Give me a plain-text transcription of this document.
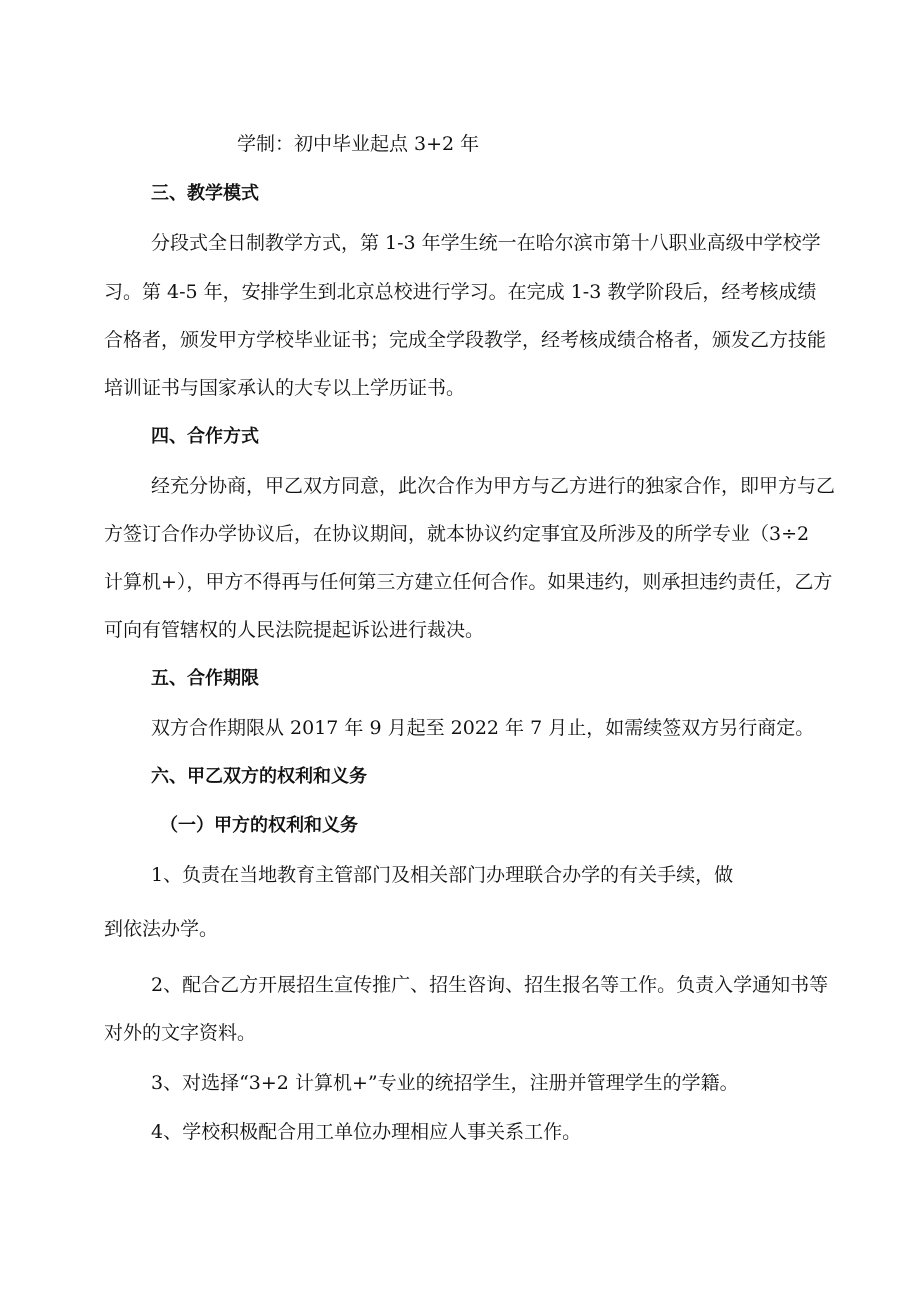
学制：初中毕业起点 3+2 年
三、教学模式
分段式全日制教学方式，第 1-3 年学生统一在哈尔滨市第十八职业高级中学校学
习。第 4-5 年，安排学生到北京总校进行学习。在完成 1-3 教学阶段后，经考核成绩
合格者，颁发甲方学校毕业证书；完成全学段教学，经考核成绩合格者，颁发乙方技能
培训证书与国家承认的大专以上学历证书。
四、合作方式
经充分协商，甲乙双方同意，此次合作为甲方与乙方进行的独家合作，即甲方与乙
方签订合作办学协议后，在协议期间，就本协议约定事宜及所涉及的所学专业（3÷2
计算机+），甲方不得再与任何第三方建立任何合作。如果违约，则承担违约责任，乙方
可向有管辖权的人民法院提起诉讼进行裁决。
五、合作期限
双方合作期限从 2017 年 9 月起至 2022 年 7 月止，如需续签双方另行商定。
六、甲乙双方的权利和义务
（一）甲方的权利和义务
1、负责在当地教育主管部门及相关部门办理联合办学的有关手续，做
到依法办学。
2、配合乙方开展招生宣传推广、招生咨询、招生报名等工作。负责入学通知书等
对外的文字资料。
3、对选择“3+2 计算机+”专业的统招学生，注册并管理学生的学籍。
4、学校积极配合用工单位办理相应人事关系工作。
